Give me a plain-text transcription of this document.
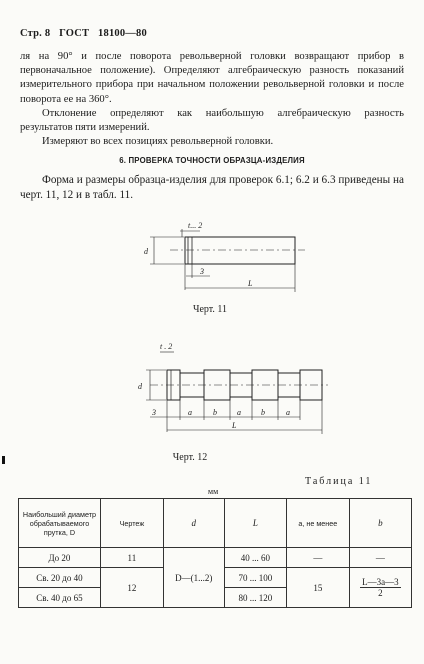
Стр. 8 ГОСТ 18100—80

ля на 90° и после поворота револьверной головки возвращают прибор в первоначальное положение). Определяют алгебраическую разность показаний измерительного прибора при начальном положении револьверной головки и после поворота ее на 360°.

Отклонение определяют как наибольшую алгебраическую разность результатов пяти измерений.

Измеряют во всех позициях револьверной головки.

6. ПРОВЕРКА ТОЧНОСТИ ОБРАЗЦА-ИЗДЕЛИЯ

Форма и размеры образца-изделия для проверок 6.1; 6.2 и 6.3 приведены на черт. 11, 12 и в табл. 11.

t... 2
d
3
L
Черт. 11
t . 2
d
3	a	b	a	b	a
L
Черт. 12
Таблица 11
мм
Наибольший диаметр обрабатываемого прутка, D	Чертеж	d	L	a, не менее	b
До 20	11	D—(1...2)	40 ... 60	—	—
Св. 20 до 40	12		70 ... 100	15	L—3a—3
2
Св. 40 до 65			80 ... 120		
